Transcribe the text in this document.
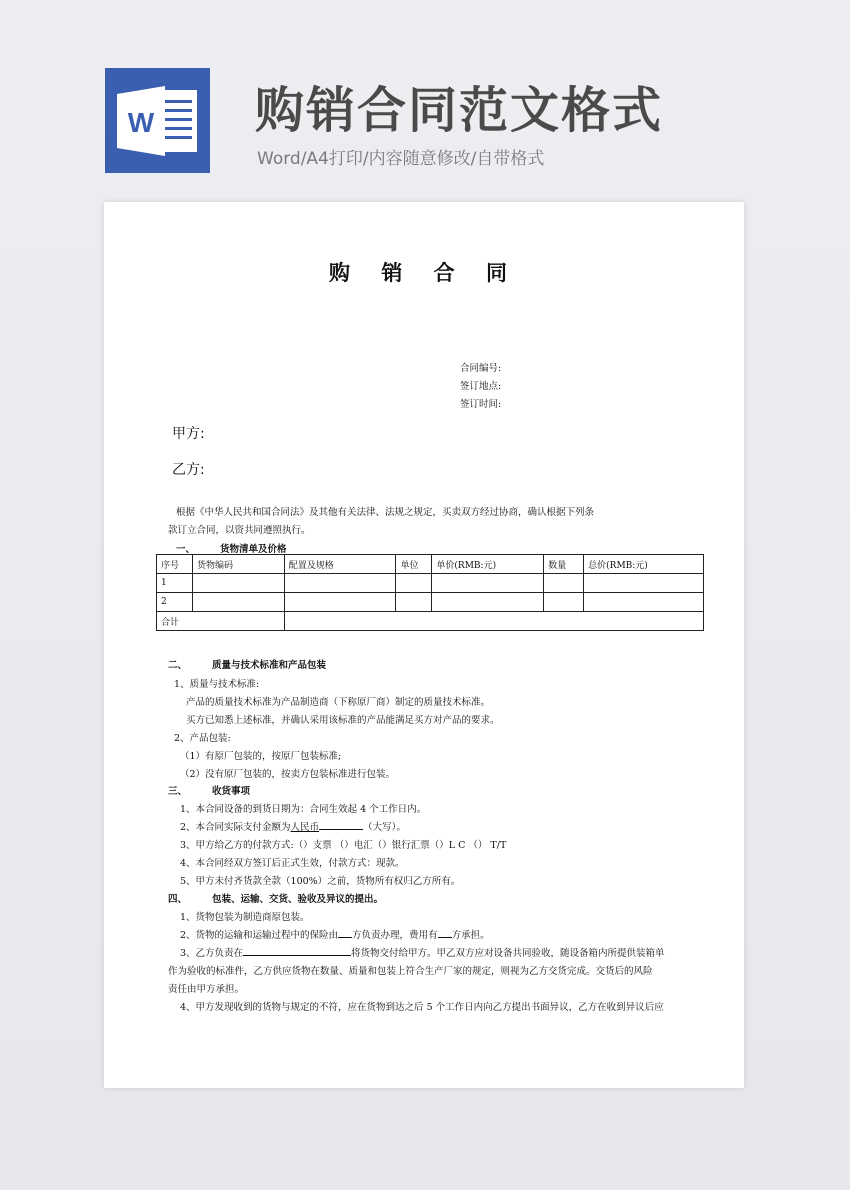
W 购销合同范文格式
Word/A4打印/内容随意修改/自带格式
购 销 合 同
合同编号:
签订地点:
签订时间:
甲方:
乙方:
根据《中华人民共和国合同法》及其他有关法律、法规之规定，买卖双方经过协商，确认根据下列条
款订立合同，以资共同遵照执行。
一、	货物清单及价格
序号	货物编码	配置及规格	单位	单价(RMB:元)	数量	总价(RMB:元)
1						
2						
合计						
二、	质量与技术标准和产品包装
1、质量与技术标准:
产品的质量技术标准为产品制造商（下称原厂商）制定的质量技术标准。
买方已知悉上述标准，并确认采用该标准的产品能满足买方对产品的要求。
2、产品包装:
（1）有原厂包装的，按原厂包装标准;
（2）没有原厂包装的，按卖方包装标准进行包装。
三、	收货事项
1、本合同设备的到货日期为：合同生效起 4 个工作日内。
2、本合同实际支付金额为人民币	（大写）。
3、甲方给乙方的付款方式:（）支票 （）电汇（）银行汇票（）L C （） T/T
4、本合同经双方签订后正式生效，付款方式：现款。
5、甲方未付齐货款全款（100%）之前，货物所有权归乙方所有。
四、	包装、运输、交货、验收及异议的提出。
1、货物包装为制造商原包装。
2、货物的运输和运输过程中的保险由 方负责办理，费用有 方承担。
3、乙方负责在	将货物交付给甲方。甲乙双方应对设备共同验收，随设备箱内所提供装箱单
作为验收的标准件，乙方供应货物在数量、质量和包装上符合生产厂家的规定，则视为乙方交货完成。交货后的风险
责任由甲方承担。
4、甲方发现收到的货物与规定的不符，应在货物到达之后 5 个工作日内向乙方提出书面异议，乙方在收到异议后应
